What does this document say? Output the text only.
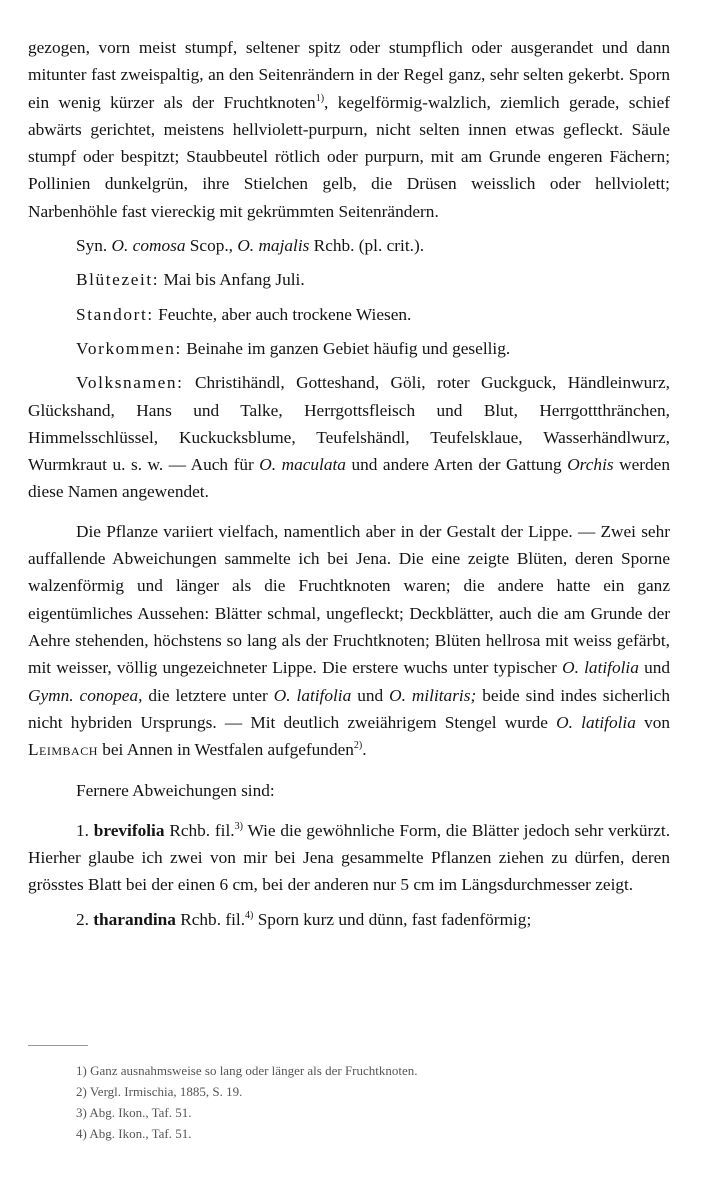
gezogen, vorn meist stumpf, seltener spitz oder stumpflich oder ausgerandet und dann mitunter fast zweispaltig, an den Seitenrändern in der Regel ganz, sehr selten gekerbt. Sporn ein wenig kürzer als der Fruchtknoten$^{1)}$, kegelförmig-walzlich, ziemlich gerade, schief abwärts gerichtet, meistens hellviolett-purpurn, nicht selten innen etwas gefleckt. Säule stumpf oder bespitzt; Staubbeutel rötlich oder purpurn, mit am Grunde engeren Fächern; Pollinien dunkelgrün, ihre Stielchen gelb, die Drüsen weisslich oder hellviolett; Narbenhöhle fast viereckig mit gekrümmten Seitenrändern.

Syn. O. comosa Scop., O. majalis Rchb. (pl. crit.).

Blütezeit: Mai bis Anfang Juli.

Standort: Feuchte, aber auch trockene Wiesen.

Vorkommen: Beinahe im ganzen Gebiet häufig und gesellig.

Volksnamen: Christihändl, Gotteshand, Göli, roter Guckguck, Händleinwurz, Glückshand, Hans und Talke, Herrgottsfleisch und Blut, Herrgottthränchen, Himmelsschlüssel, Kuckucksblume, Teufelshändl, Teufelsklaue, Wasserhändlwurz, Wurmkraut u. s. w. — Auch für O. maculata und andere Arten der Gattung Orchis werden diese Namen angewendet.

Die Pflanze variiert vielfach, namentlich aber in der Gestalt der Lippe. — Zwei sehr auffallende Abweichungen sammelte ich bei Jena. Die eine zeigte Blüten, deren Sporne walzenförmig und länger als die Fruchtknoten waren; die andere hatte ein ganz eigentümliches Aussehen: Blätter schmal, ungefleckt; Deckblätter, auch die am Grunde der Aehre stehenden, höchstens so lang als der Fruchtknoten; Blüten hellrosa mit weiss gefärbt, mit weisser, völlig ungezeichneter Lippe. Die erstere wuchs unter typischer O. latifolia und Gymn. conopea, die letztere unter O. latifolia und O. militaris; beide sind indes sicherlich nicht hybriden Ursprungs. — Mit deutlich zweiährigem Stengel wurde O. latifolia von Leimbach bei Annen in Westfalen aufgefunden$^{2)}$.

Fernere Abweichungen sind:

1. brevifolia Rchb. fil.$^{3)}$ Wie die gewöhnliche Form, die Blätter jedoch sehr verkürzt. Hierher glaube ich zwei von mir bei Jena gesammelte Pflanzen ziehen zu dürfen, deren grösstes Blatt bei der einen 6 cm, bei der anderen nur 5 cm im Längsdurchmesser zeigt.

2. tharandina Rchb. fil.$^{4)}$ Sporn kurz und dünn, fast fadenförmig;

1) Ganz ausnahmsweise so lang oder länger als der Fruchtknoten.

2) Vergl. Irmischia, 1885, S. 19.

3) Abg. Ikon., Taf. 51.

4) Abg. Ikon., Taf. 51.
